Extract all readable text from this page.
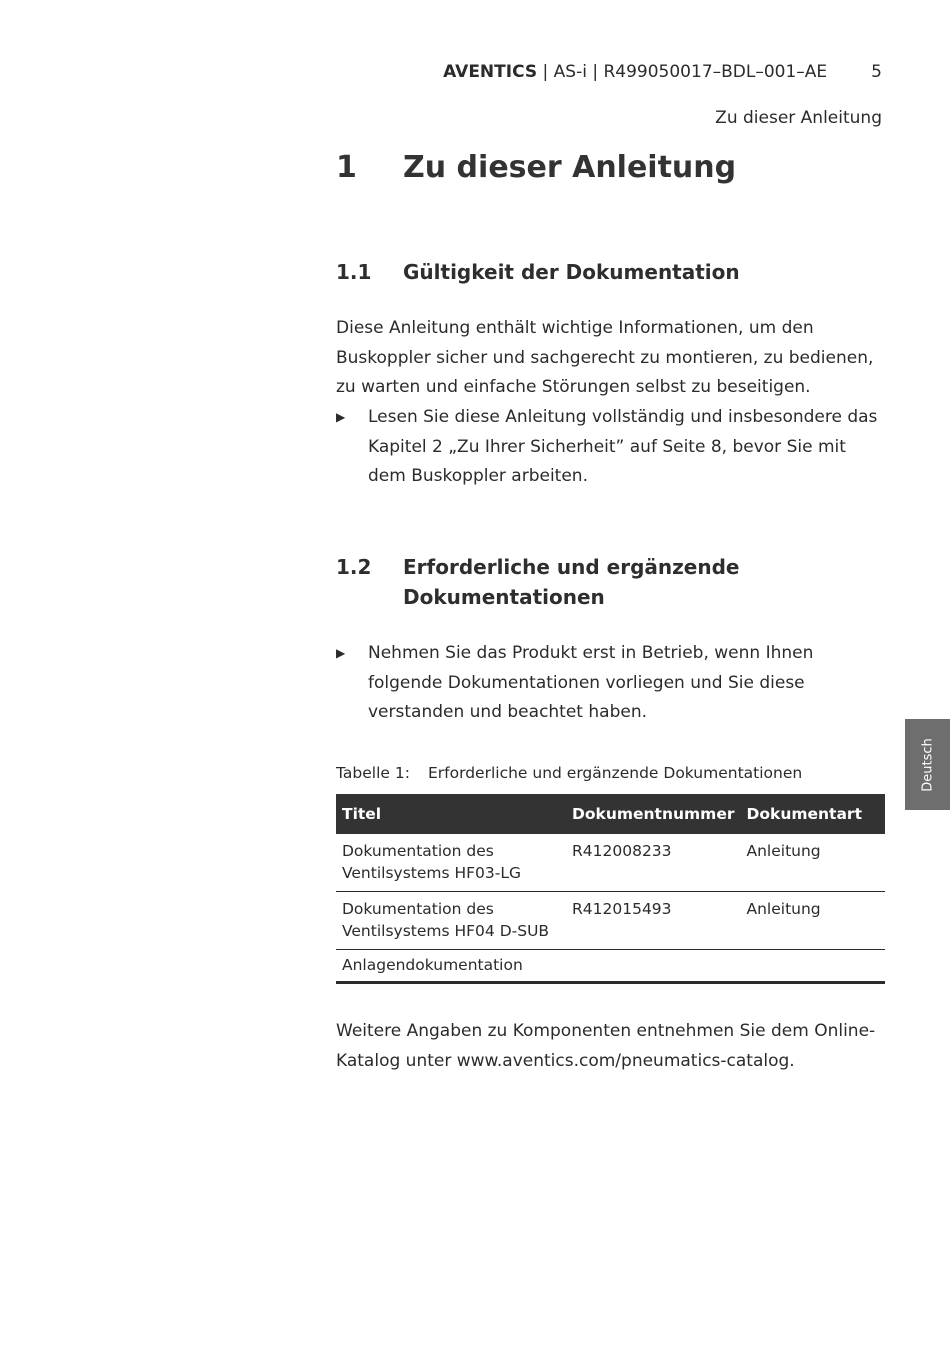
AVENTICS | AS-i | R499050017–BDL–001–AE	5
Zu dieser Anleitung
1 Zu dieser Anleitung
1.1 Gültigkeit der Dokumentation
Diese Anleitung enthält wichtige Informationen, um den Buskoppler sicher und sachgerecht zu montieren, zu bedienen, zu warten und einfache Störungen selbst zu beseitigen.
▶ Lesen Sie diese Anleitung vollständig und insbesondere das Kapitel 2 „Zu Ihrer Sicherheit” auf Seite 8, bevor Sie mit dem Buskoppler arbeiten.
1.2 Erforderliche und ergänzende Dokumentationen
▶ Nehmen Sie das Produkt erst in Betrieb, wenn Ihnen folgende Dokumentationen vorliegen und Sie diese verstanden und beachtet haben.
Tabelle 1: Erforderliche und ergänzende Dokumentationen
Titel	Dokumentnummer	Dokumentart
Dokumentation des Ventilsystems HF03-LG	R412008233	Anleitung
Dokumentation des Ventilsystems HF04 D-SUB	R412015493	Anleitung
Anlagendokumentation		
Weitere Angaben zu Komponenten entnehmen Sie dem Online-Katalog unter www.aventics.com/pneumatics-catalog.
Deutsch
